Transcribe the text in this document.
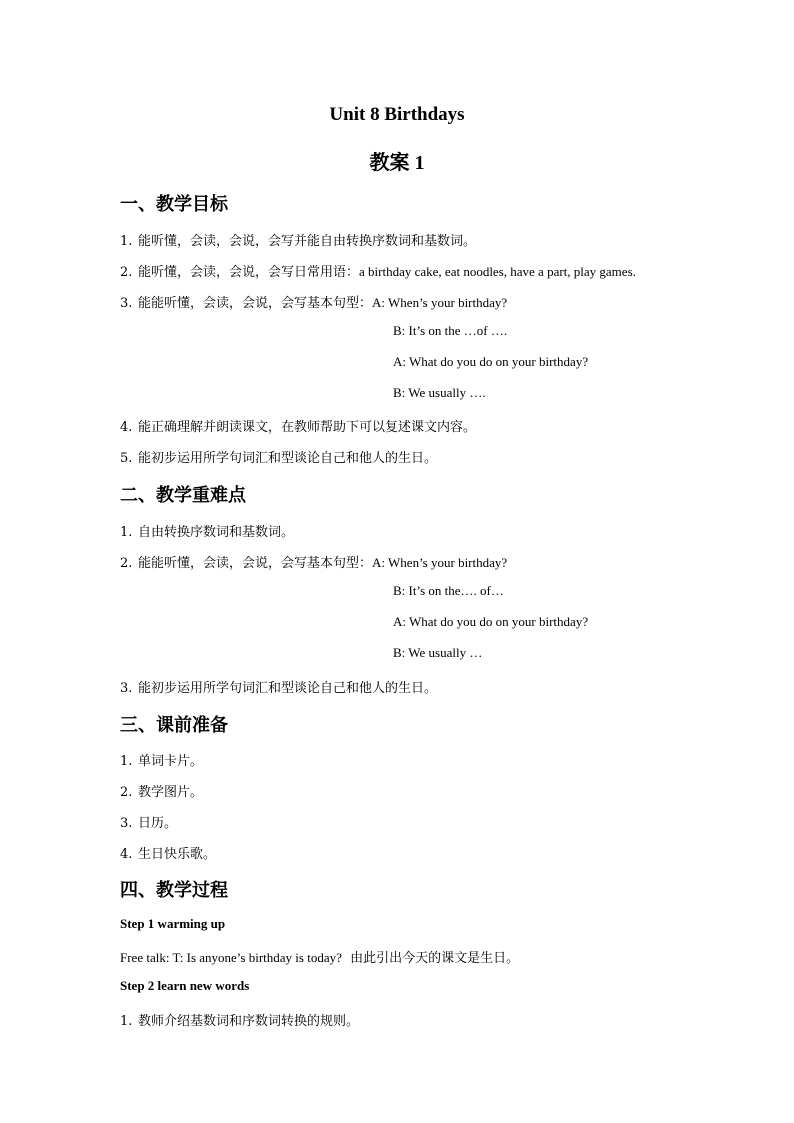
Unit 8 Birthdays
教案 1
一、教学目标
1. 能听懂，会读，会说，会写并能自由转换序数词和基数词。
2. 能听懂，会读，会说，会写日常用语：a birthday cake, eat noodles, have a part, play games.
3. 能能听懂，会读，会说，会写基本句型：A: When’s your birthday?
B: It’s on the …of ….
A: What do you do on your birthday?
B: We usually ….
4. 能正确理解并朗读课文，在教师帮助下可以复述课文内容。
5. 能初步运用所学句词汇和型谈论自己和他人的生日。
二、教学重难点
1. 自由转换序数词和基数词。
2. 能能听懂，会读，会说，会写基本句型：A: When’s your birthday?
B: It’s on the…. of…
A: What do you do on your birthday?
B: We usually …
3. 能初步运用所学句词汇和型谈论自己和他人的生日。
三、课前准备
1. 单词卡片。
2. 教学图片。
3. 日历。
4. 生日快乐歌。
四、教学过程
Step 1 warming up
Free talk: T: Is anyone’s birthday is today? 由此引出今天的课文是生日。
Step 2 learn new words
1. 教师介绍基数词和序数词转换的规则。
